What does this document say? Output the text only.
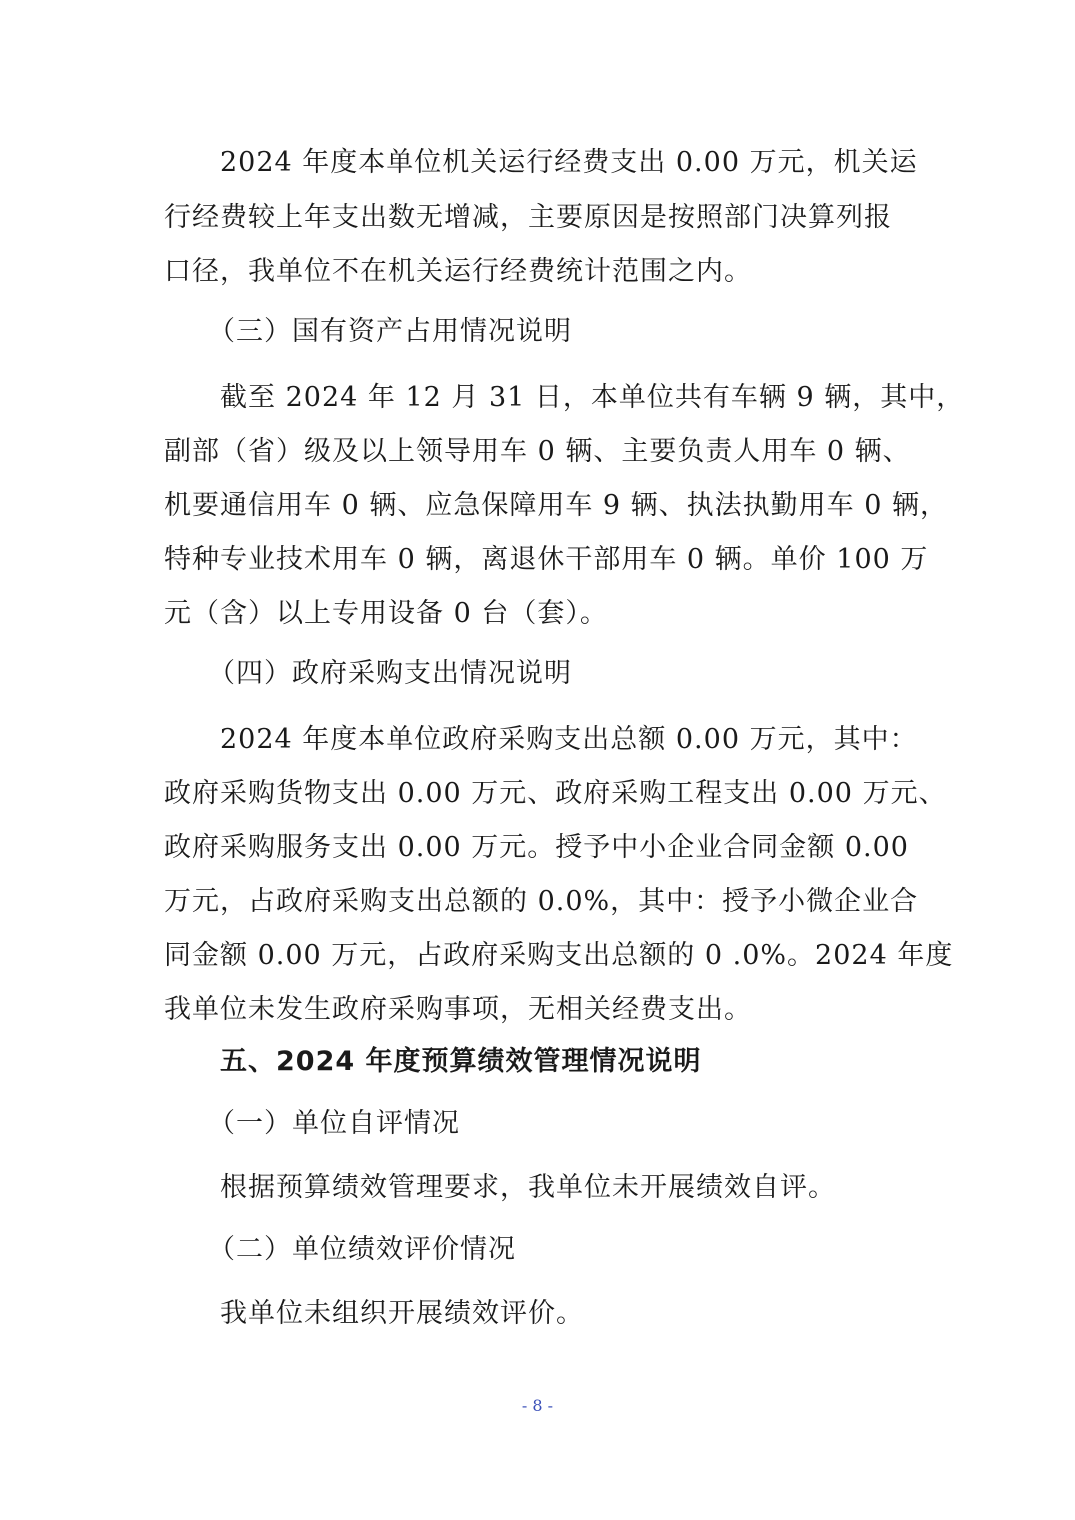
2024 年度本单位机关运行经费支出 0.00 万元，机关运
行经费较上年支出数无增减，主要原因是按照部门决算列报
口径，我单位不在机关运行经费统计范围之内。
（三）国有资产占用情况说明
截至 2024 年 12 月 31 日，本单位共有车辆 9 辆，其中，
副部（省）级及以上领导用车 0 辆、主要负责人用车 0 辆、
机要通信用车 0 辆、应急保障用车 9 辆、执法执勤用车 0 辆，
特种专业技术用车 0 辆，离退休干部用车 0 辆。单价 100 万
元（含）以上专用设备 0 台（套）。
（四）政府采购支出情况说明
2024 年度本单位政府采购支出总额 0.00 万元，其中：
政府采购货物支出 0.00 万元、政府采购工程支出 0.00 万元、
政府采购服务支出 0.00 万元。授予中小企业合同金额 0.00
万元，占政府采购支出总额的 0.0%，其中：授予小微企业合
同金额 0.00 万元，占政府采购支出总额的 0 .0%。2024 年度
我单位未发生政府采购事项，无相关经费支出。
五、2024 年度预算绩效管理情况说明
（一）单位自评情况
根据预算绩效管理要求，我单位未开展绩效自评。
（二）单位绩效评价情况
我单位未组织开展绩效评价。
- 8 -
